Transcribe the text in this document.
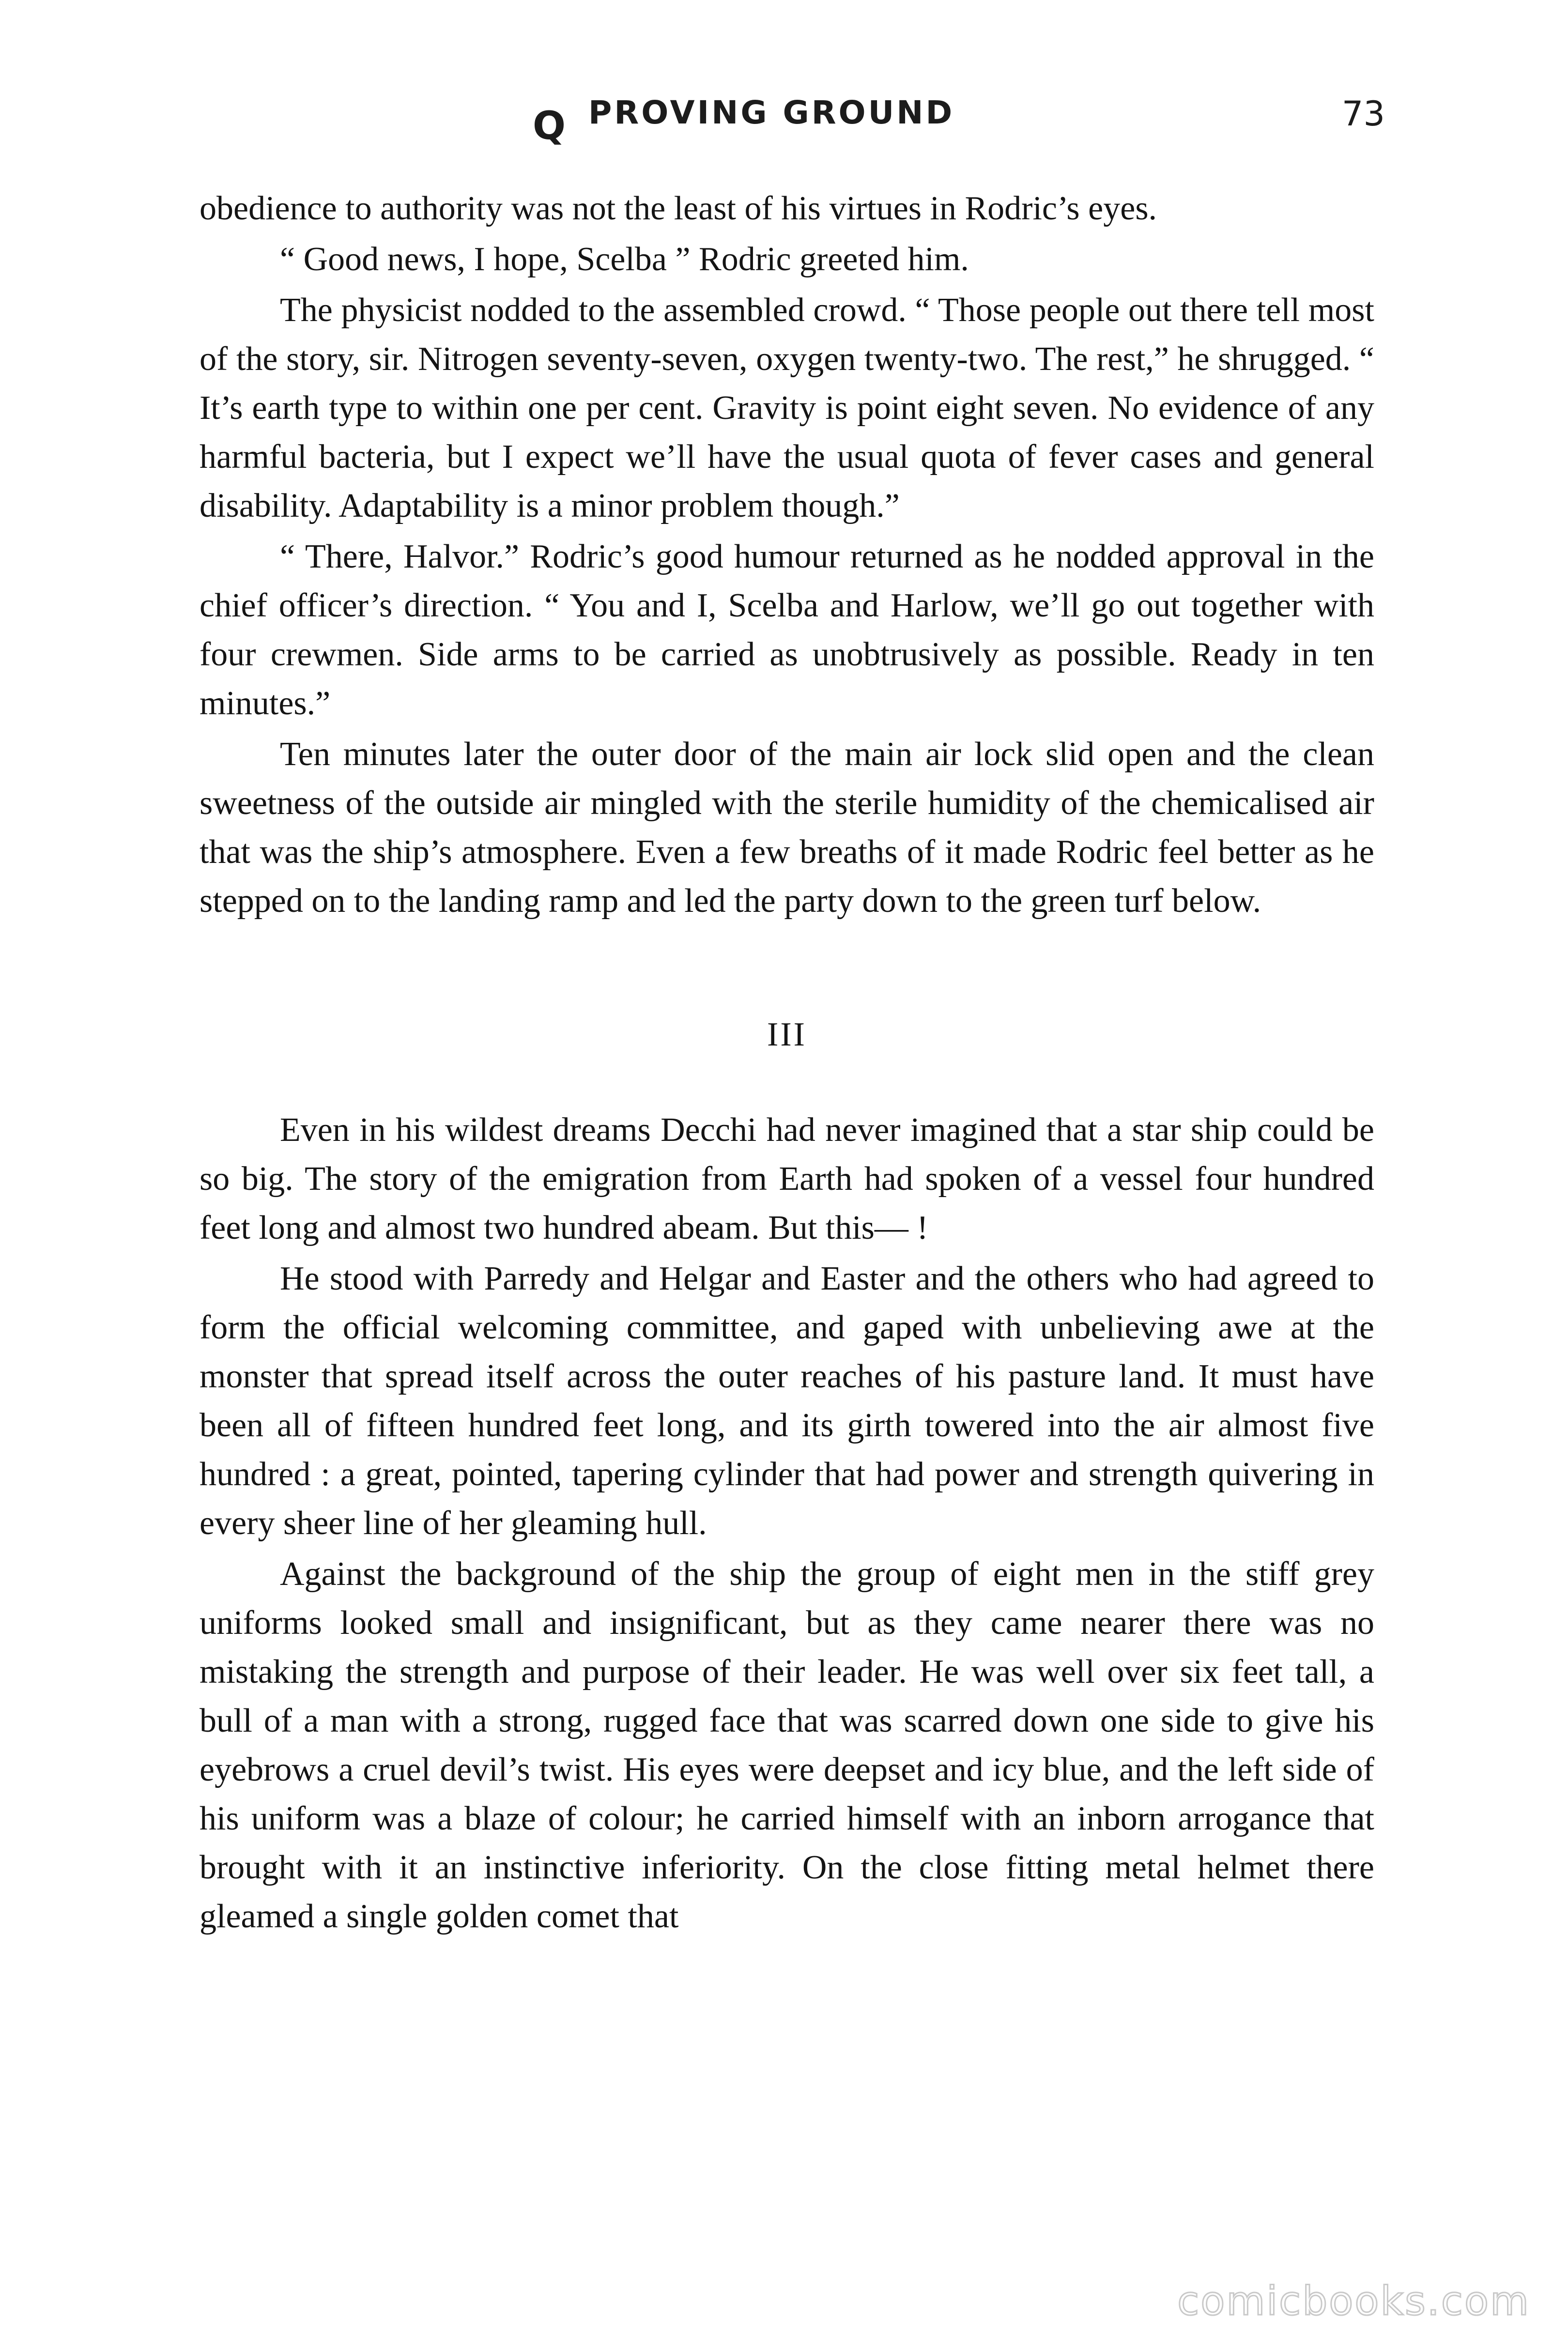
Q PROVING GROUND	73

obedience to authority was not the least of his virtues in Rodric’s eyes.

“ Good news, I hope, Scelba ” Rodric greeted him.

The physicist nodded to the assembled crowd. “ Those people out there tell most of the story, sir. Nitrogen seventy-seven, oxygen twenty-two. The rest,” he shrugged. “ It’s earth type to within one per cent. Gravity is point eight seven. No evidence of any harmful bacteria, but I expect we’ll have the usual quota of fever cases and general disability. Adaptability is a minor problem though.”

“ There, Halvor.” Rodric’s good humour returned as he nodded approval in the chief officer’s direction. “ You and I, Scelba and Harlow, we’ll go out together with four crewmen. Side arms to be carried as unobtrusively as possible. Ready in ten minutes.”

Ten minutes later the outer door of the main air lock slid open and the clean sweetness of the outside air mingled with the sterile humidity of the chemicalised air that was the ship’s atmosphere. Even a few breaths of it made Rodric feel better as he stepped on to the landing ramp and led the party down to the green turf below.

III

Even in his wildest dreams Decchi had never imagined that a star ship could be so big. The story of the emigration from Earth had spoken of a vessel four hundred feet long and almost two hundred abeam. But this— !

He stood with Parredy and Helgar and Easter and the others who had agreed to form the official welcoming committee, and gaped with unbelieving awe at the monster that spread itself across the outer reaches of his pasture land. It must have been all of fifteen hundred feet long, and its girth towered into the air almost five hundred : a great, pointed, tapering cylinder that had power and strength quivering in every sheer line of her gleaming hull.

Against the background of the ship the group of eight men in the stiff grey uniforms looked small and insignificant, but as they came nearer there was no mistaking the strength and purpose of their leader. He was well over six feet tall, a bull of a man with a strong, rugged face that was scarred down one side to give his eyebrows a cruel devil’s twist. His eyes were deepset and icy blue, and the left side of his uniform was a blaze of colour; he carried himself with an inborn arrogance that brought with it an instinctive inferiority. On the close fitting metal helmet there gleamed a single golden comet that

comicbooks.com
